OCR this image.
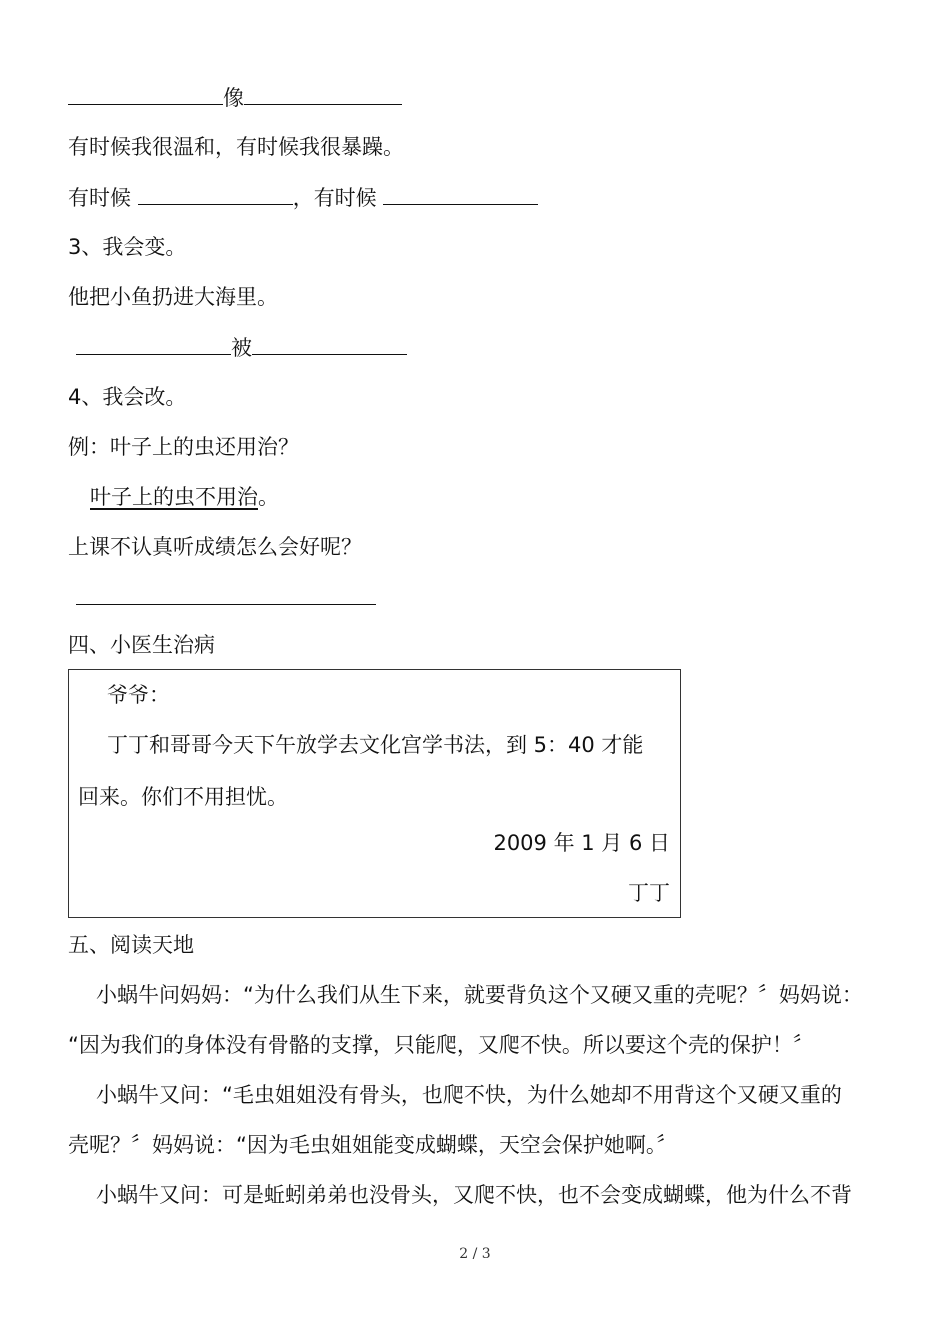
像
有时候我很温和，有时候我很暴躁。
有时候	，有时候
3、我会变。
他把小鱼扔进大海里。
被
4、我会改。
例：叶子上的虫还用治？
叶子上的虫不用治。
上课不认真听成绩怎么会好呢？
四、小医生治病
爷爷：
丁丁和哥哥今天下午放学去文化宫学书法，到 5：40 才能
回来。你们不用担忧。
2009 年 1 月 6 日
丁丁
五、阅读天地
小蜗牛问妈妈：“为什么我们从生下来，就要背负这个又硬又重的壳呢？〞妈妈说：
“因为我们的身体没有骨骼的支撑，只能爬，又爬不快。所以要这个壳的保护！〞
小蜗牛又问：“毛虫姐姐没有骨头，也爬不快，为什么她却不用背这个又硬又重的
壳呢？〞妈妈说：“因为毛虫姐姐能变成蝴蝶，天空会保护她啊。〞
小蜗牛又问：可是蚯蚓弟弟也没骨头，又爬不快，也不会变成蝴蝶，他为什么不背
2 / 3
